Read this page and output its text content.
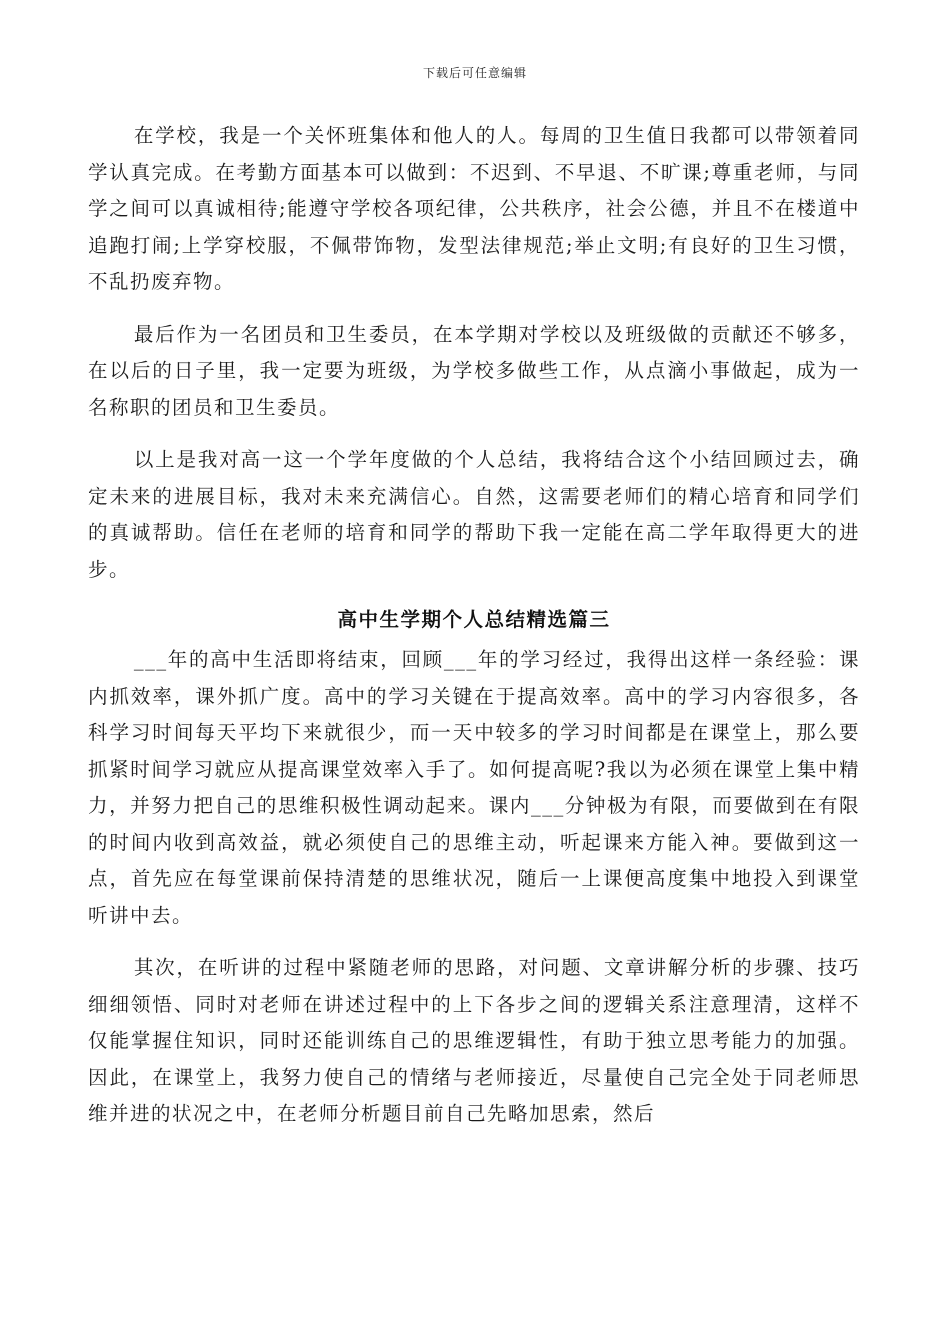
下载后可任意编辑

在学校，我是一个关怀班集体和他人的人。每周的卫生值日我都可以带领着同学认真完成。在考勤方面基本可以做到：不迟到、不早退、不旷课;尊重老师，与同学之间可以真诚相待;能遵守学校各项纪律，公共秩序，社会公德，并且不在楼道中追跑打闹;上学穿校服，不佩带饰物，发型法律规范;举止文明;有良好的卫生习惯，不乱扔废弃物。

最后作为一名团员和卫生委员，在本学期对学校以及班级做的贡献还不够多，在以后的日子里，我一定要为班级，为学校多做些工作，从点滴小事做起，成为一名称职的团员和卫生委员。

以上是我对高一这一个学年度做的个人总结，我将结合这个小结回顾过去，确定未来的进展目标，我对未来充满信心。自然，这需要老师们的精心培育和同学们的真诚帮助。信任在老师的培育和同学的帮助下我一定能在高二学年取得更大的进步。

高中生学期个人总结精选篇三

___年的高中生活即将结束，回顾___年的学习经过，我得出这样一条经验：课内抓效率，课外抓广度。高中的学习关键在于提高效率。高中的学习内容很多，各科学习时间每天平均下来就很少，而一天中较多的学习时间都是在课堂上，那么要抓紧时间学习就应从提高课堂效率入手了。如何提高呢?我以为必须在课堂上集中精力，并努力把自己的思维积极性调动起来。课内___分钟极为有限，而要做到在有限的时间内收到高效益，就必须使自己的思维主动，听起课来方能入神。要做到这一点，首先应在每堂课前保持清楚的思维状况，随后一上课便高度集中地投入到课堂听讲中去。

其次，在听讲的过程中紧随老师的思路，对问题、文章讲解分析的步骤、技巧细细领悟、同时对老师在讲述过程中的上下各步之间的逻辑关系注意理清，这样不仅能掌握住知识，同时还能训练自己的思维逻辑性，有助于独立思考能力的加强。因此，在课堂上，我努力使自己的情绪与老师接近，尽量使自己完全处于同老师思维并进的状况之中，在老师分析题目前自己先略加思索，然后
